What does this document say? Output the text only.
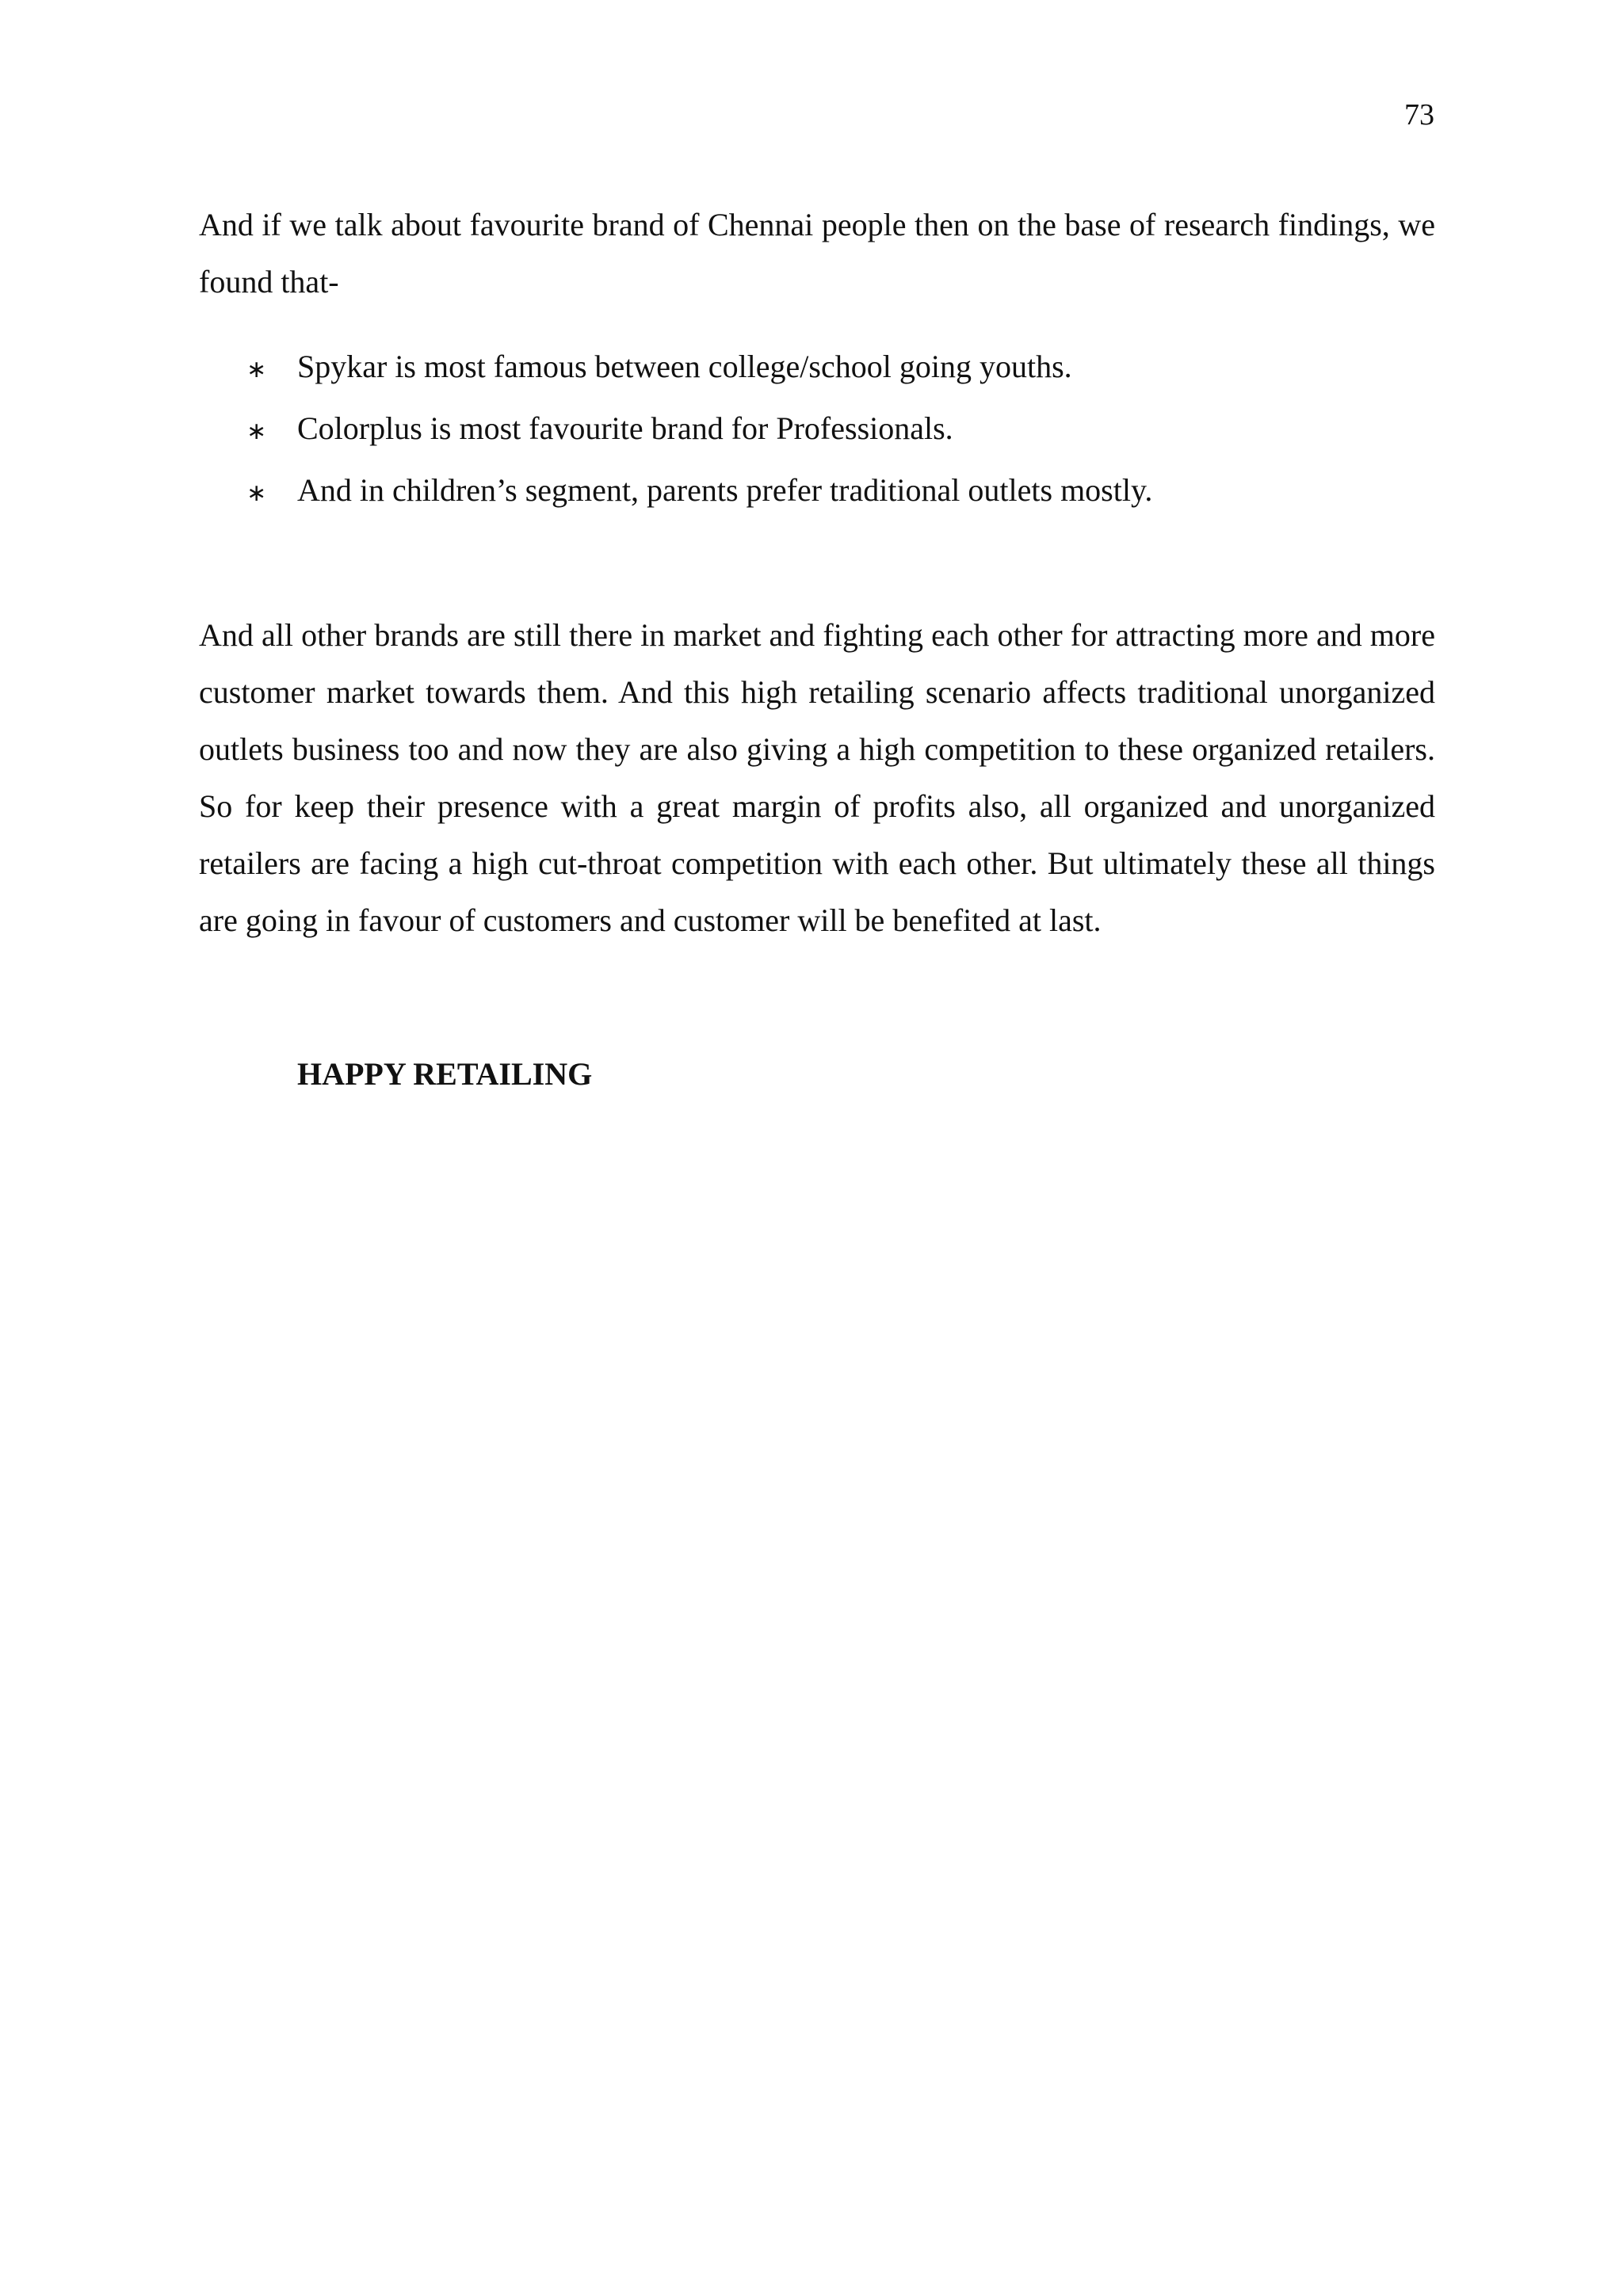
73

And if we talk about favourite brand of Chennai people then on the base of research findings, we found that-

∗ Spykar is most famous between college/school going youths.
∗ Colorplus is most favourite brand for Professionals.
∗ And in children’s segment, parents prefer traditional outlets mostly.

And all other brands are still there in market and fighting each other for attracting more and more customer market towards them. And this high retailing scenario affects traditional unorganized outlets business too and now they are also giving a high competition to these organized retailers. So for keep their presence with a great margin of profits also, all organized and unorganized retailers are facing a high cut-throat competition with each other. But ultimately these all things are going in favour of customers and customer will be benefited at last.

HAPPY RETAILING
